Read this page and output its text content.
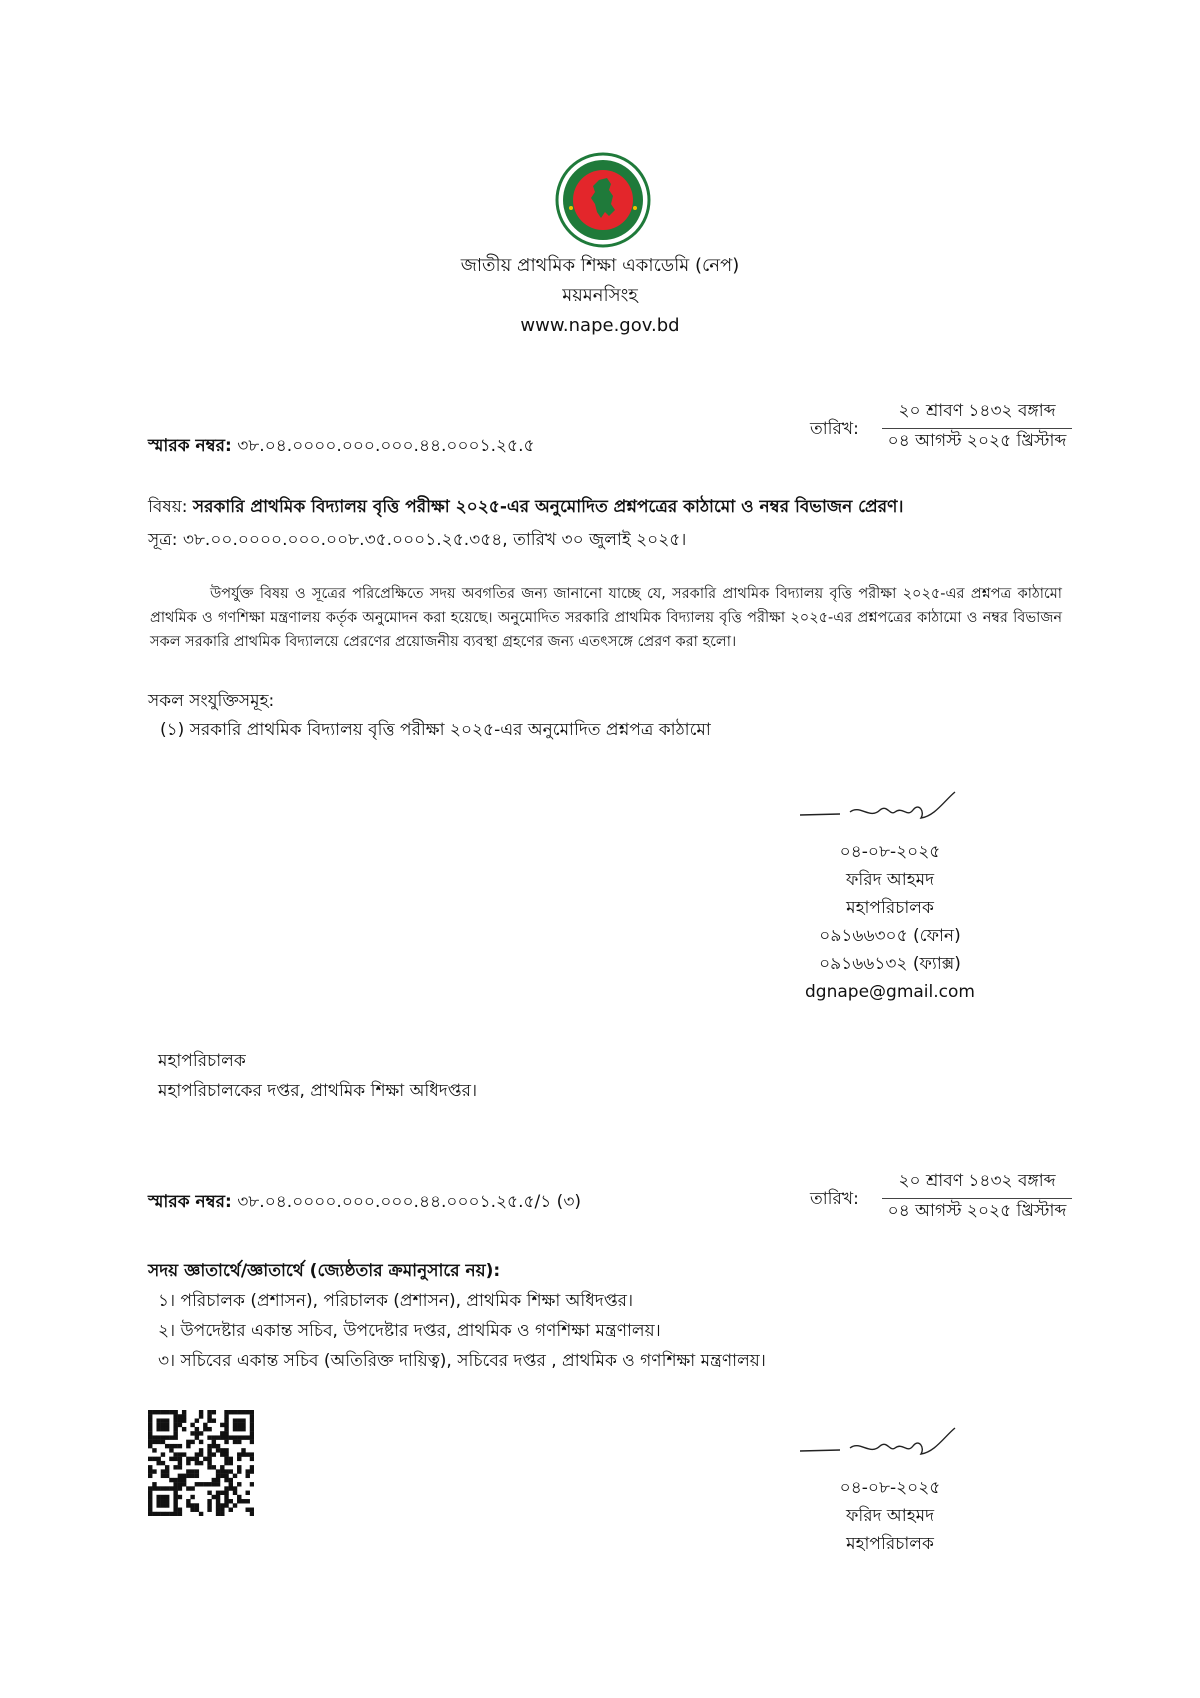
জাতীয় প্রাথমিক শিক্ষা একাডেমি (নেপ)
ময়মনসিংহ
www.nape.gov.bd
স্মারক নম্বর: ৩৮.০৪.০০০০.০০০.০০০.৪৪.০০০১.২৫.৫
তারিখ:
২০ শ্রাবণ ১৪৩২ বঙ্গাব্দ
০৪ আগস্ট ২০২৫ খ্রিস্টাব্দ
বিষয়: সরকারি প্রাথমিক বিদ্যালয় বৃত্তি পরীক্ষা ২০২৫-এর অনুমোদিত প্রশ্নপত্রের কাঠামো ও নম্বর বিভাজন প্রেরণ।
সূত্র: ৩৮.০০.০০০০.০০০.০০৮.৩৫.০০০১.২৫.৩৫৪, তারিখ ৩০ জুলাই ২০২৫।
উপর্যুক্ত বিষয় ও সূত্রের পরিপ্রেক্ষিতে সদয় অবগতির জন্য জানানো যাচ্ছে যে, সরকারি প্রাথমিক বিদ্যালয় বৃত্তি পরীক্ষা ২০২৫-এর প্রশ্নপত্র কাঠামো প্রাথমিক ও গণশিক্ষা মন্ত্রণালয় কর্তৃক অনুমোদন করা হয়েছে। অনুমোদিত সরকারি প্রাথমিক বিদ্যালয় বৃত্তি পরীক্ষা ২০২৫-এর প্রশ্নপত্রের কাঠামো ও নম্বর বিভাজন সকল সরকারি প্রাথমিক বিদ্যালয়ে প্রেরণের প্রয়োজনীয় ব্যবস্থা গ্রহণের জন্য এতৎসঙ্গে প্রেরণ করা হলো।
সকল সংযুক্তিসমূহ:
(১) সরকারি প্রাথমিক বিদ্যালয় বৃত্তি পরীক্ষা ২০২৫-এর অনুমোদিত প্রশ্নপত্র কাঠামো
০৪-০৮-২০২৫
ফরিদ আহমদ
মহাপরিচালক
০৯১৬৬৩০৫ (ফোন)
০৯১৬৬১৩২ (ফ্যাক্স)
dgnape@gmail.com
মহাপরিচালক
মহাপরিচালকের দপ্তর, প্রাথমিক শিক্ষা অধিদপ্তর।
স্মারক নম্বর: ৩৮.০৪.০০০০.০০০.০০০.৪৪.০০০১.২৫.৫/১ (৩)	তারিখ:
২০ শ্রাবণ ১৪৩২ বঙ্গাব্দ
০৪ আগস্ট ২০২৫ খ্রিস্টাব্দ
সদয় জ্ঞাতার্থে/জ্ঞাতার্থে (জ্যেষ্ঠতার ক্রমানুসারে নয়):
১। পরিচালক (প্রশাসন), পরিচালক (প্রশাসন), প্রাথমিক শিক্ষা অধিদপ্তর।
২। উপদেষ্টার একান্ত সচিব, উপদেষ্টার দপ্তর, প্রাথমিক ও গণশিক্ষা মন্ত্রণালয়।
৩। সচিবের একান্ত সচিব (অতিরিক্ত দায়িত্ব), সচিবের দপ্তর , প্রাথমিক ও গণশিক্ষা মন্ত্রণালয়।
০৪-০৮-২০২৫
ফরিদ আহমদ
মহাপরিচালক
